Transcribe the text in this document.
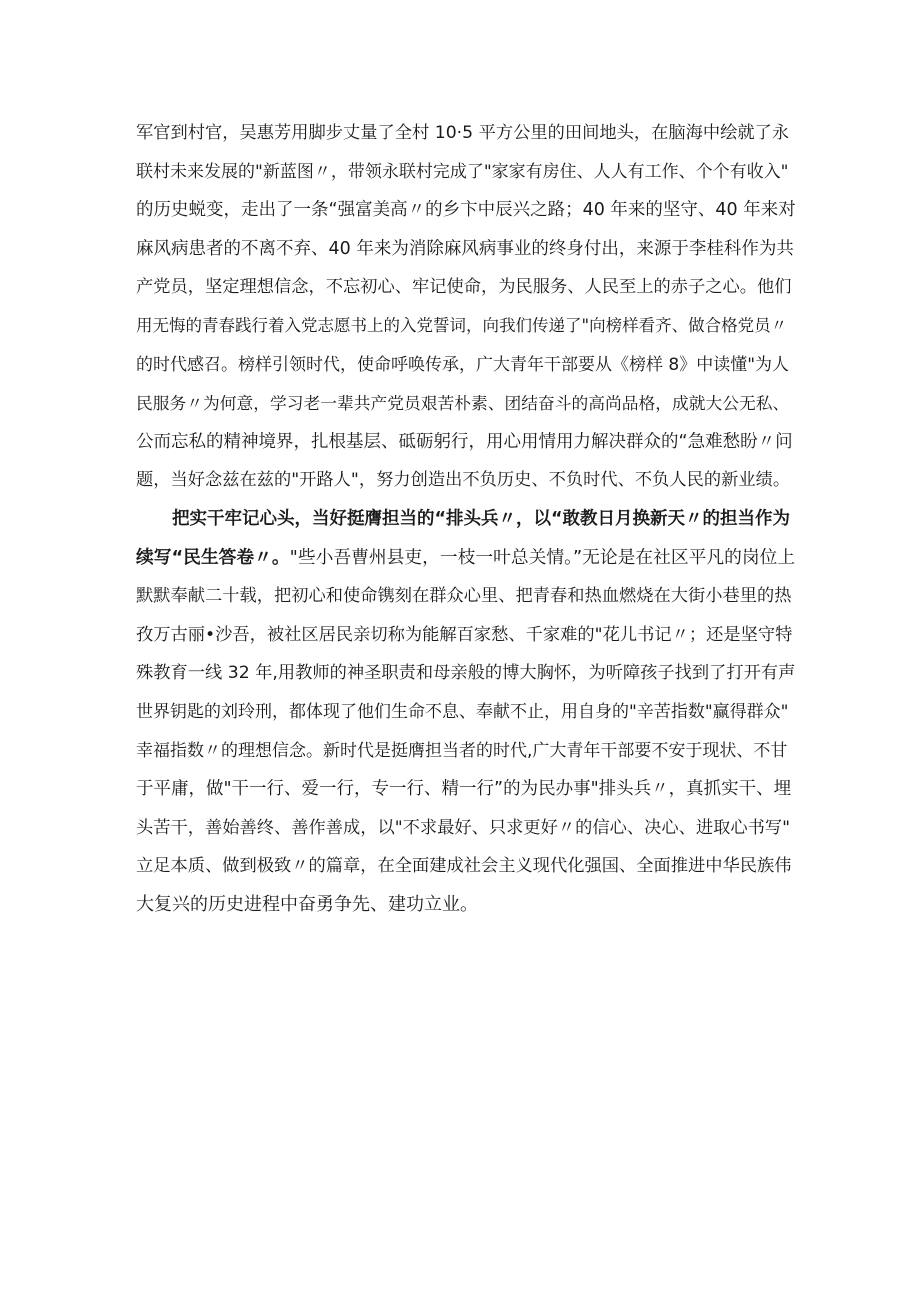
军官到村官，吴惠芳用脚步丈量了全村 10·5 平方公里的田间地头，在脑海中绘就了永
联村未来发展的"新蓝图〃，带领永联村完成了"家家有房住、人人有工作、个个有收入"
的历史蜕变，走出了一条“强富美高〃的乡卞中辰兴之路；40 年来的坚守、40 年来对
麻风病患者的不离不弃、40 年来为消除麻风病事业的终身付出，来源于李桂科作为共
产党员，坚定理想信念，不忘初心、牢记使命，为民服务、人民至上的赤子之心。他们
用无悔的青春践行着入党志愿书上的入党誓词，向我们传递了"向榜样看齐、做合格党员〃
的时代感召。榜样引领时代，使命呼唤传承，广大青年干部要从《榜样 8》中读懂"为人
民服务〃为何意，学习老一辈共产党员艰苦朴素、团结奋斗的高尚品格，成就大公无私、
公而忘私的精神境界，扎根基层、砥砺躬行，用心用情用力解决群众的“急难愁盼〃问
题，当好念兹在兹的"开路人"，努力创造出不负历史、不负时代、不负人民的新业绩。

把实干牢记心头，当好挺膺担当的“排头兵〃，以“敢教日月换新天〃的担当作为
续写“民生答卷〃。"些小吾曹州县吏，一枝一叶总关情。”无论是在社区平凡的岗位上
默默奉献二十载，把初心和使命镌刻在群众心里、把青春和热血燃烧在大街小巷里的热
孜万古丽•沙吾，被社区居民亲切称为能解百家愁、千家难的"花儿书记〃；还是坚守特
殊教育一线 32 年,用教师的神圣职责和母亲般的博大胸怀，为听障孩子找到了打开有声
世界钥匙的刘玲刑，都体现了他们生命不息、奉献不止，用自身的"辛苦指数"赢得群众"
幸福指数〃的理想信念。新时代是挺膺担当者的时代,广大青年干部要不安于现状、不甘
于平庸，做"干一行、爱一行，专一行、精一行”的为民办事"排头兵〃，真抓实干、埋
头苦干，善始善终、善作善成，以"不求最好、只求更好〃的信心、决心、进取心书写"
立足本质、做到极致〃的篇章，在全面建成社会主义现代化强国、全面推进中华民族伟
大复兴的历史进程中奋勇争先、建功立业。
